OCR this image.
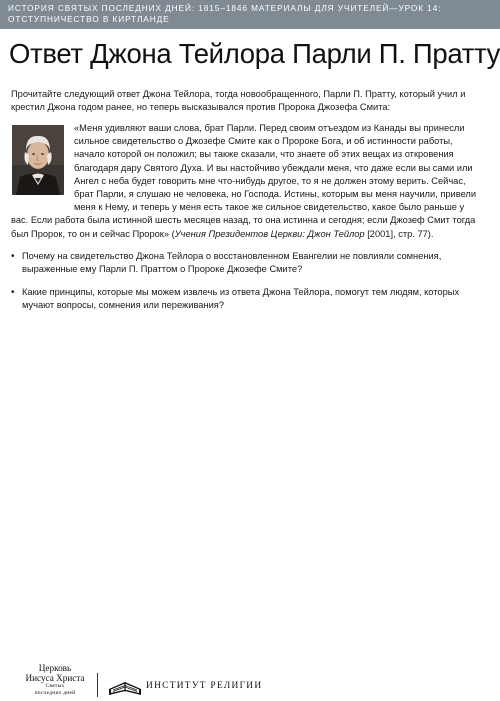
ИСТОРИЯ СВЯТЫХ ПОСЛЕДНИХ ДНЕЙ: 1815–1846 МАТЕРИАЛЫ ДЛЯ УЧИТЕЛЕЙ—УРОК 14: ОТСТУПНИЧЕСТВО В КИРТЛАНДЕ
Ответ Джона Тейлора Парли П. Пратту

Прочитайте следующий ответ Джона Тейлора, тогда новообращенного, Парли П. Пратту, который учил и крестил Джона годом ранее, но теперь высказывался против Пророка Джозефа Смита:

«Меня удивляют ваши слова, брат Парли. Перед своим отъездом из Канады вы принесли сильное свидетельство о Джозефе Смите как о Пророке Бога, и об истинности работы, начало которой он положил; вы также сказали, что знаете об этих вещах из откровения благодаря дару Святого Духа. И вы настойчиво убеждали меня, что даже если вы сами или Ангел с неба будет говорить мне что-нибудь другое, то я не должен этому верить. Сейчас, брат Парли, я слушаю не человека, но Господа. Истины, которым вы меня научили, привели меня к Нему, и теперь у меня есть такое же сильное свидетельство, какое было раньше у вас. Если работа была истинной шесть месяцев назад, то она истинна и сегодня; если Джозеф Смит тогда был Пророк, то он и сейчас Пророк» (Учения Президентов Церкви: Джон Тейлор [2001], стр. 77).

• Почему на свидетельство Джона Тейлора о восстановленном Евангелии не повлияли сомнения, выраженные ему Парли П. Праттом о Пророке Джозефе Смите?
• Какие принципы, которые мы можем извлечь из ответа Джона Тейлора, помогут тем людям, которых мучают вопросы, сомнения или переживания?
Церковь
Иисуса Христа
Святых
последних дней
ИНСТИТУТ РЕЛИГИИ
